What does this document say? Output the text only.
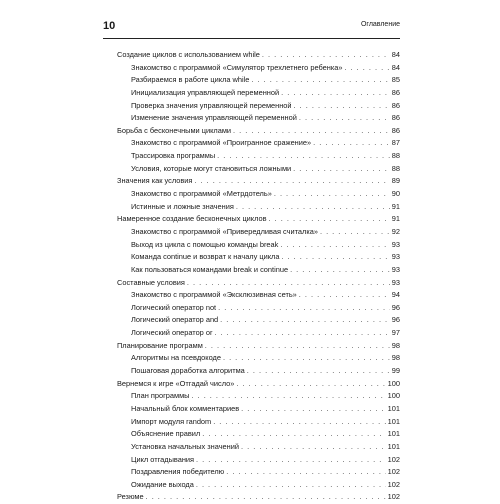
10	Оглавление
Создание циклов с использованием while . . .	84
Знакомство с программой «Симулятор трехлетнего ребенка» . . .	84
Разбираемся в работе цикла while . . .	85
Инициализация управляющей переменной . . .	86
Проверка значения управляющей переменной . . .	86
Изменение значения управляющей переменной . . .	86
Борьба с бесконечными циклами . . .	86
Знакомство с программой «Проигранное сражение» . . .	87
Трассировка программы . . .	88
Условия, которые могут становиться ложными . . .	88
Значения как условия . . .	89
Знакомство с программой «Метрдотель» . . .	90
Истинные и ложные значения . . .	91
Намеренное создание бесконечных циклов . . .	91
Знакомство с программой «Привередливая считалка» . . .	92
Выход из цикла с помощью команды break . . .	93
Команда continue и возврат к началу цикла . . .	93
Как пользоваться командами break и continue . . .	93
Составные условия . . .	93
Знакомство с программой «Эксклюзивная сеть» . . .	94
Логический оператор not . . .	96
Логический оператор and . . .	96
Логический оператор or . . .	97
Планирование программ . . .	98
Алгоритмы на псевдокоде . . .	98
Пошаговая доработка алгоритма . . .	99
Вернемся к игре «Отгадай число» . . .	100
План программы . . .	100
Начальный блок комментариев . . .	101
Импорт модуля random . . .	101
Объяснение правил . . .	101
Установка начальных значений . . .	101
Цикл отгадывания . . .	102
Поздравления победителю . . .	102
Ожидание выхода . . .	102
Резюме . . .	102
